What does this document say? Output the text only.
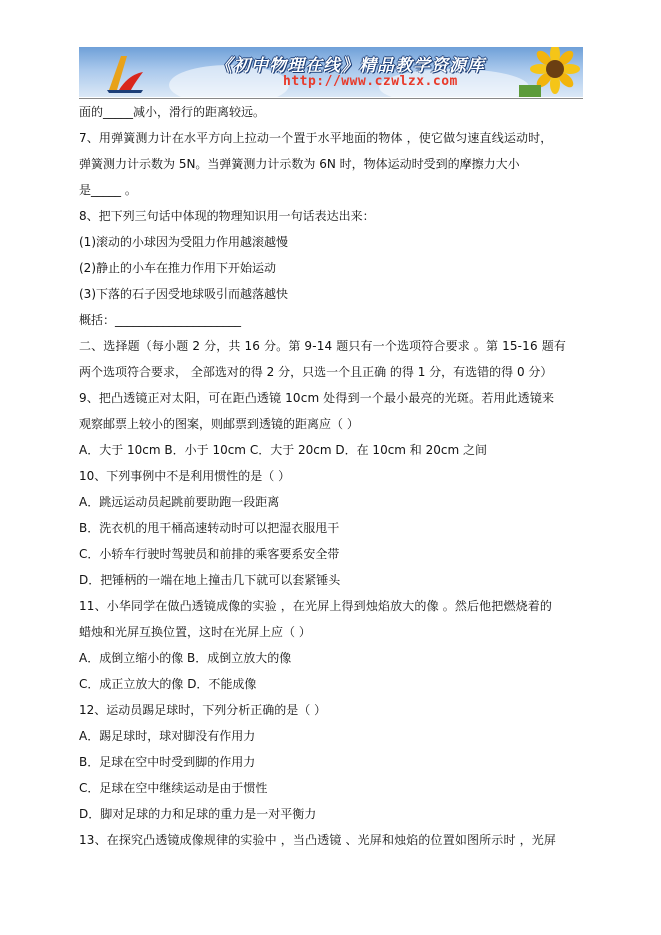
《初中物理在线》精品教学资源库
http://www.czwlzx.com
面的_____减小，滑行的距离较远。
7、用弹簧测力计在水平方向上拉动一个置于水平地面的物体 ，使它做匀速直线运动时，
弹簧测力计示数为 5N。当弹簧测力计示数为 6N 时，物体运动时受到的摩擦力大小
是_____ 。
8、把下列三句话中体现的物理知识用一句话表达出来：
(1)滚动的小球因为受阻力作用越滚越慢
(2)静止的小车在推力作用下开始运动
(3)下落的石子因受地球吸引而越落越快
概括：_____________________
二、选择题（每小题 2 分，共 16 分。第 9-14 题只有一个选项符合要求 。第 15-16 题有
两个选项符合要求， 全部选对的得 2 分，只选一个且正确 的得 1 分，有选错的得 0 分）
9、把凸透镜正对太阳，可在距凸透镜 10cm 处得到一个最小最亮的光斑。若用此透镜来
观察邮票上较小的图案，则邮票到透镜的距离应（ ）
A．大于 10cm B．小于 10cm C．大于 20cm D．在 10cm 和 20cm 之间
10、下列事例中不是利用惯性的是（ ）
A．跳远运动员起跳前要助跑一段距离
B．洗衣机的甩干桶高速转动时可以把湿衣服甩干
C．小轿车行驶时驾驶员和前排的乘客要系安全带
D．把锤柄的一端在地上撞击几下就可以套紧锤头
11、小华同学在做凸透镜成像的实验 ，在光屏上得到烛焰放大的像 。然后他把燃烧着的
蜡烛和光屏互换位置，这时在光屏上应（ ）
A．成倒立缩小的像 B．成倒立放大的像
C．成正立放大的像 D．不能成像
12、运动员踢足球时，下列分析正确的是（ ）
A．踢足球时，球对脚没有作用力
B．足球在空中时受到脚的作用力
C．足球在空中继续运动是由于惯性
D．脚对足球的力和足球的重力是一对平衡力
13、在探究凸透镜成像规律的实验中 ，当凸透镜 、光屏和烛焰的位置如图所示时 ，光屏
